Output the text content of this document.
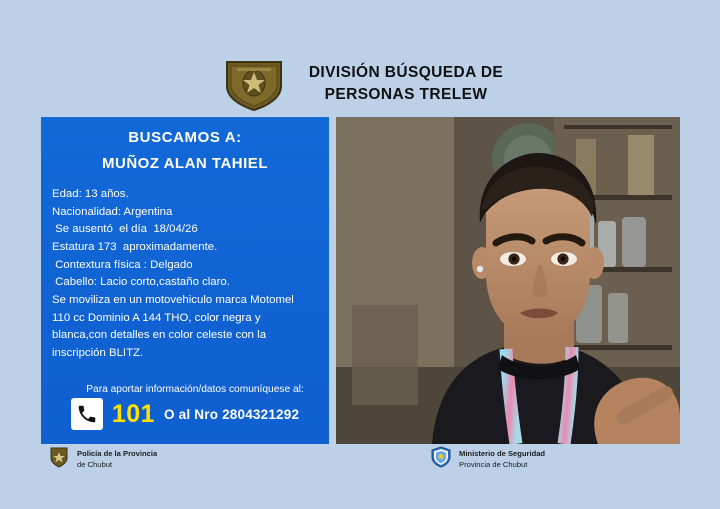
DIVISIÓN BÚSQUEDA DE
PERSONAS TRELEW
BUSCAMOS A:
MUÑOZ ALAN TAHIEL
Edad: 13 años.
Nacionalidad: Argentina
Se ausentó  el día  18/04/26
Estatura 173  aproximadamente.
Contextura física : Delgado
Cabello: Lacio corto,castaño claro.
Se moviliza en un motovehiculo marca Motomel
110 cc Dominio A 144 THO, color negra y
blanca,con detalles en color celeste con la
inscripción BLITZ.
Para aportar información/datos comuníquese al:
101 O al Nro 2804321292
Policía de la Provincia
de Chubut
Ministerio de Seguridad
Provincia de Chubut
